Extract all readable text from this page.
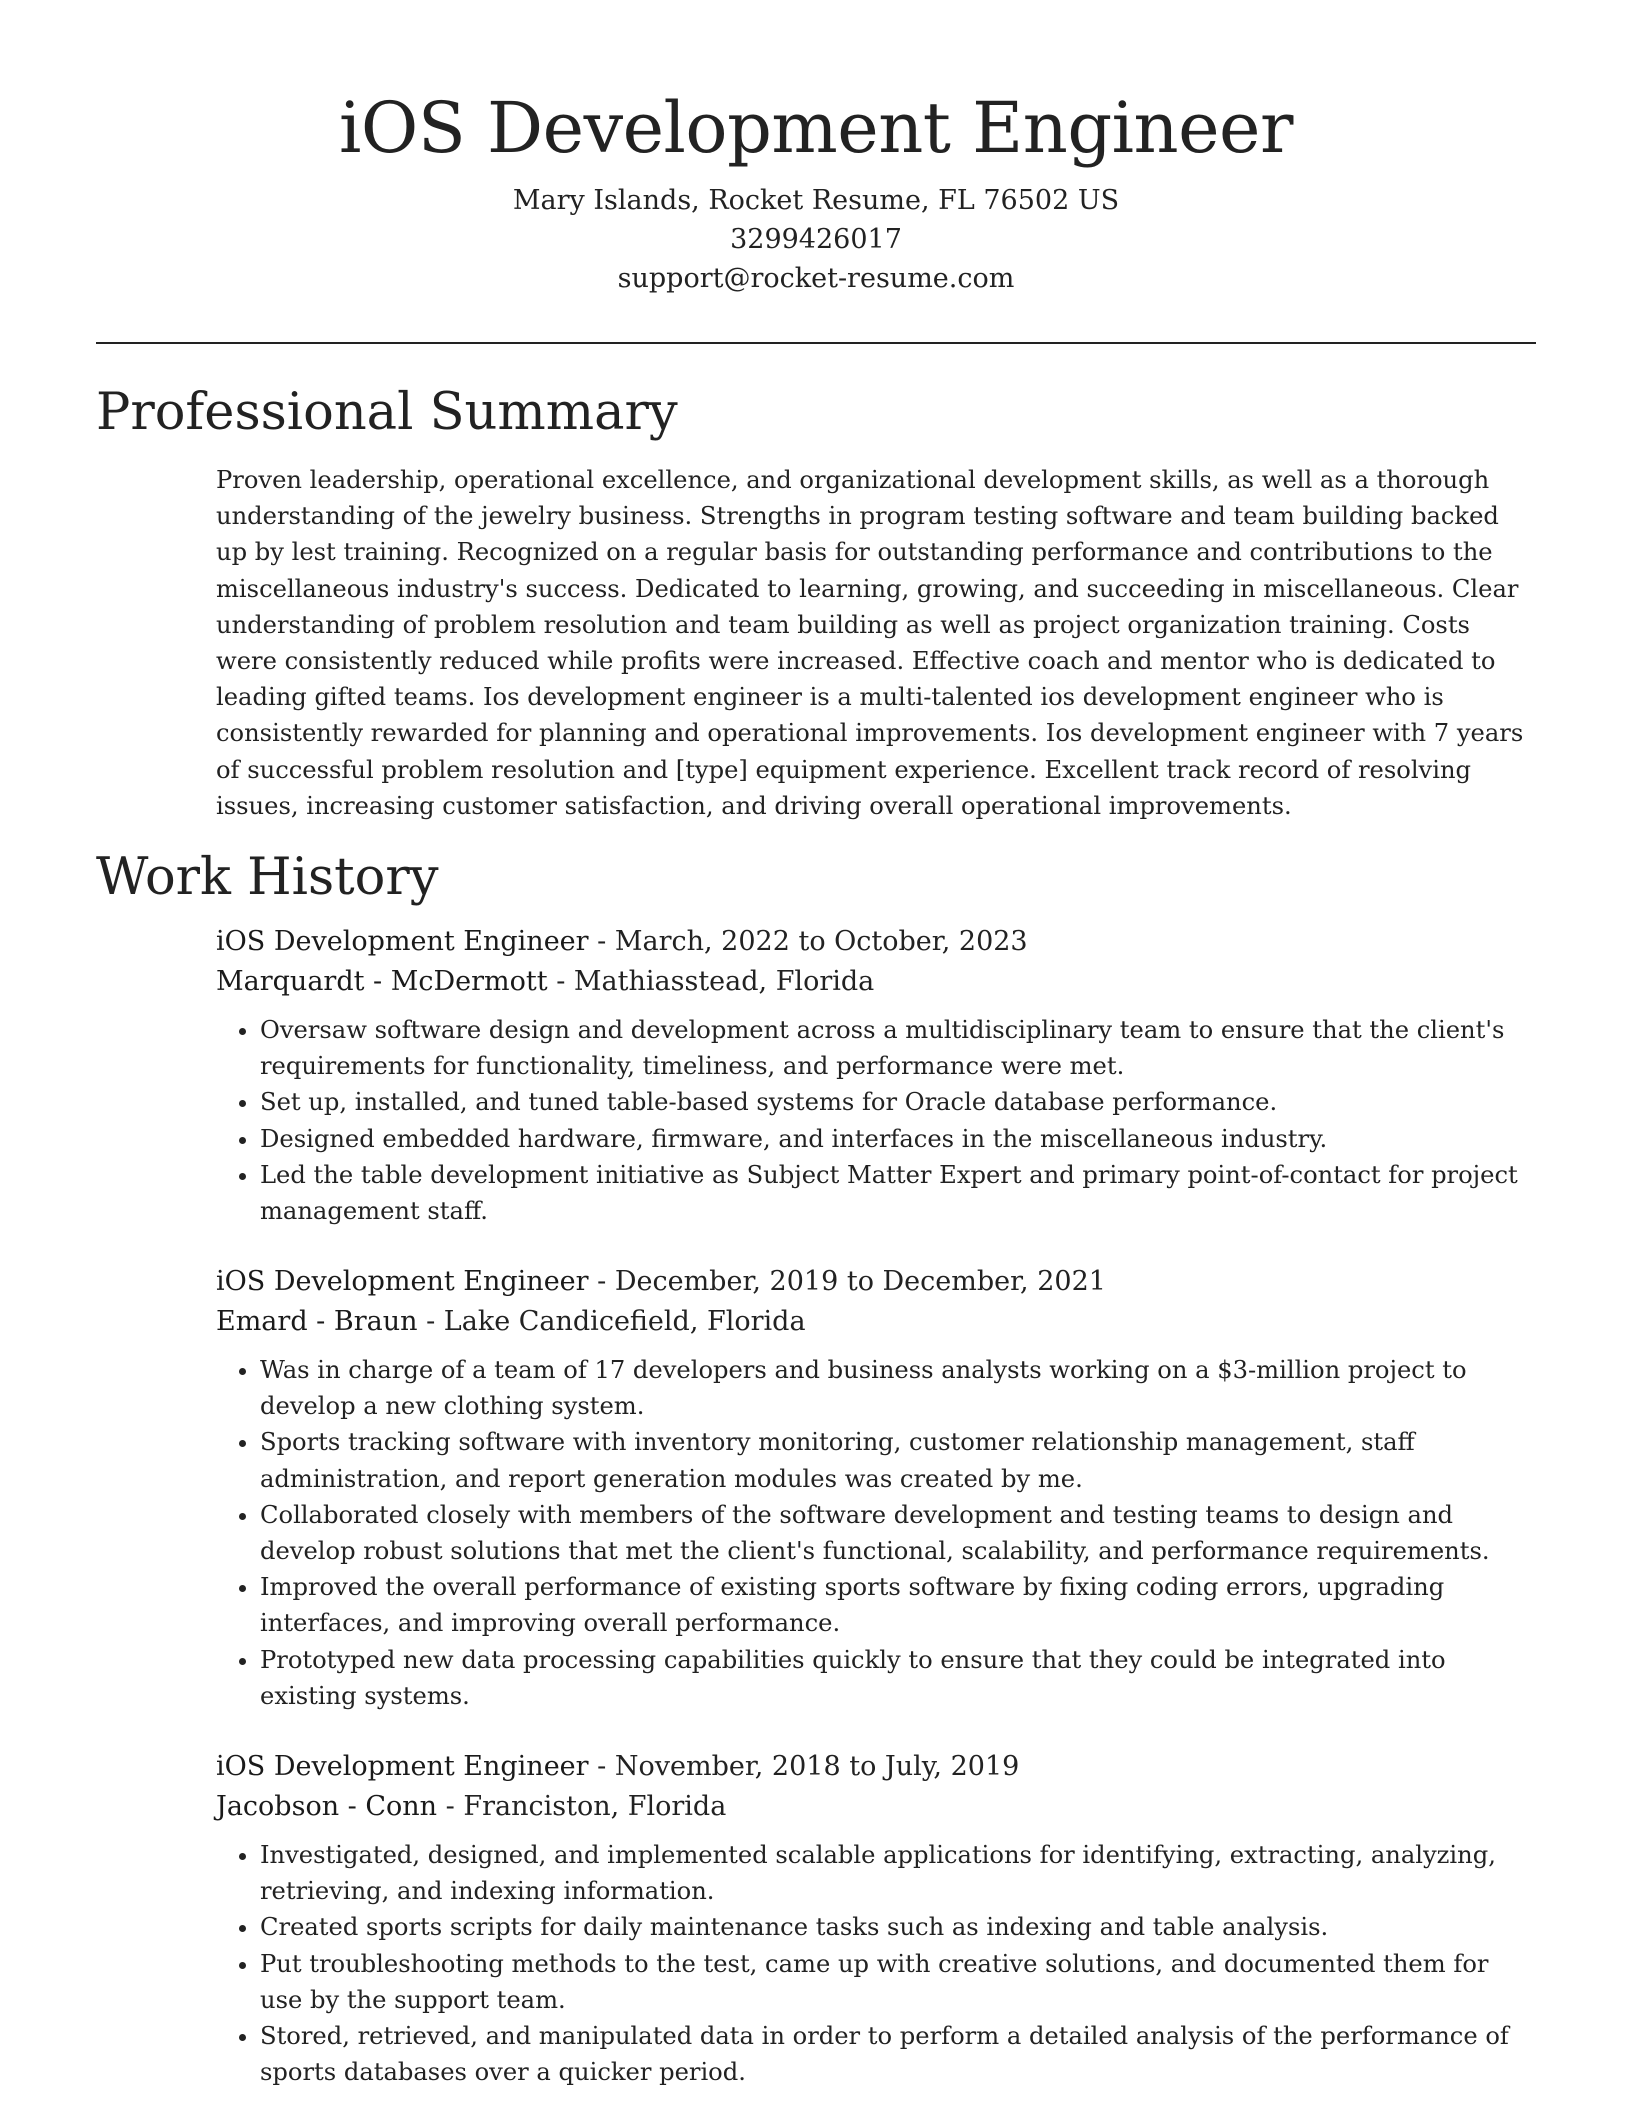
iOS Development Engineer
Mary Islands, Rocket Resume, FL 76502 US
3299426017
support@rocket-resume.com
Professional Summary

Proven leadership, operational excellence, and organizational development skills, as well as a thorough understanding of the jewelry business. Strengths in program testing software and team building backed up by lest training. Recognized on a regular basis for outstanding performance and contributions to the miscellaneous industry's success. Dedicated to learning, growing, and succeeding in miscellaneous. Clear understanding of problem resolution and team building as well as project organization training. Costs were consistently reduced while profits were increased. Effective coach and mentor who is dedicated to leading gifted teams. Ios development engineer is a multi-talented ios development engineer who is consistently rewarded for planning and operational improvements. Ios development engineer with 7 years of successful problem resolution and [type] equipment experience. Excellent track record of resolving issues, increasing customer satisfaction, and driving overall operational improvements.

Work History
iOS Development Engineer - March, 2022 to October, 2023
Marquardt - McDermott - Mathiasstead, Florida
• Oversaw software design and development across a multidisciplinary team to ensure that the client's requirements for functionality, timeliness, and performance were met.
• Set up, installed, and tuned table-based systems for Oracle database performance.
• Designed embedded hardware, firmware, and interfaces in the miscellaneous industry.
• Led the table development initiative as Subject Matter Expert and primary point-of-contact for project management staff.
iOS Development Engineer - December, 2019 to December, 2021
Emard - Braun - Lake Candicefield, Florida
• Was in charge of a team of 17 developers and business analysts working on a $3-million project to develop a new clothing system.
• Sports tracking software with inventory monitoring, customer relationship management, staff administration, and report generation modules was created by me.
• Collaborated closely with members of the software development and testing teams to design and develop robust solutions that met the client's functional, scalability, and performance requirements.
• Improved the overall performance of existing sports software by fixing coding errors, upgrading interfaces, and improving overall performance.
• Prototyped new data processing capabilities quickly to ensure that they could be integrated into existing systems.
iOS Development Engineer - November, 2018 to July, 2019
Jacobson - Conn - Franciston, Florida
• Investigated, designed, and implemented scalable applications for identifying, extracting, analyzing, retrieving, and indexing information.
• Created sports scripts for daily maintenance tasks such as indexing and table analysis.
• Put troubleshooting methods to the test, came up with creative solutions, and documented them for use by the support team.
• Stored, retrieved, and manipulated data in order to perform a detailed analysis of the performance of sports databases over a quicker period.
